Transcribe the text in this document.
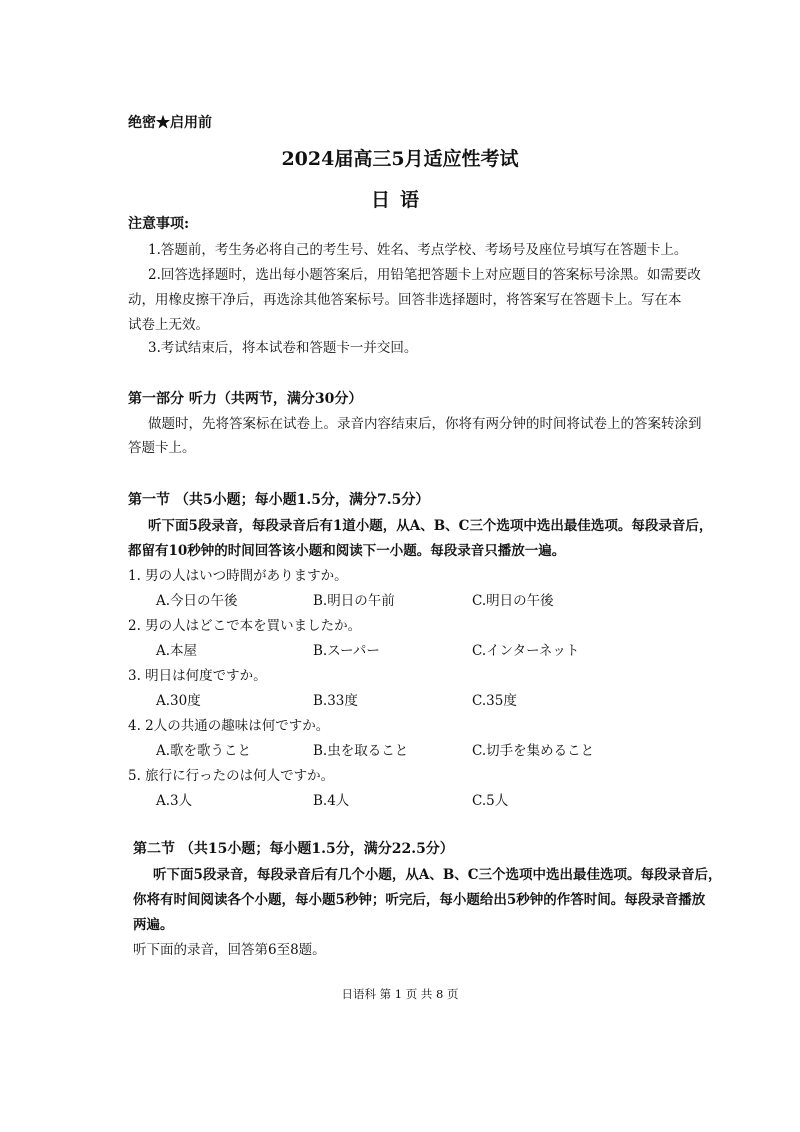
绝密★启用前
2024届高三5月适应性考试
日语
注意事项:
1.答题前，考生务必将自己的考生号、姓名、考点学校、考场号及座位号填写在答题卡上。
2.回答选择题时，选出每小题答案后，用铅笔把答题卡上对应题目的答案标号涂黑。如需要改
动，用橡皮擦干净后，再选涂其他答案标号。回答非选择题时，将答案写在答题卡上。写在本
试卷上无效。
3.考试结束后，将本试卷和答题卡一并交回。
第一部分 听力（共两节，满分30分）
做题时，先将答案标在试卷上。录音内容结束后，你将有两分钟的时间将试卷上的答案转涂到
答题卡上。
第一节 （共5小题；每小题1.5分，满分7.5分）
听下面5段录音，每段录音后有1道小题，从A、B、C三个选项中选出最佳选项。每段录音后，
都留有10秒钟的时间回答该小题和阅读下一小题。每段录音只播放一遍。
1. 男の人はいつ時間がありますか。
A.今日の午後	B.明日の午前	C.明日の午後
2. 男の人はどこで本を買いましたか。
A.本屋	B.スーパー	C.インターネット
3. 明日は何度ですか。
A.30度	B.33度	C.35度
4. 2人の共通の趣味は何ですか。
A.歌を歌うこと	B.虫を取ること	C.切手を集めること
5. 旅行に行ったのは何人ですか。
A.3人	B.4人	C.5人
第二节 （共15小题；每小题1.5分，满分22.5分）
听下面5段录音，每段录音后有几个小题，从A、B、C三个选项中选出最佳选项。每段录音后，
你将有时间阅读各个小题，每小题5秒钟；听完后，每小题给出5秒钟的作答时间。每段录音播放
两遍。
听下面的录音，回答第6至8题。
日语科 第 1 页 共 8 页
